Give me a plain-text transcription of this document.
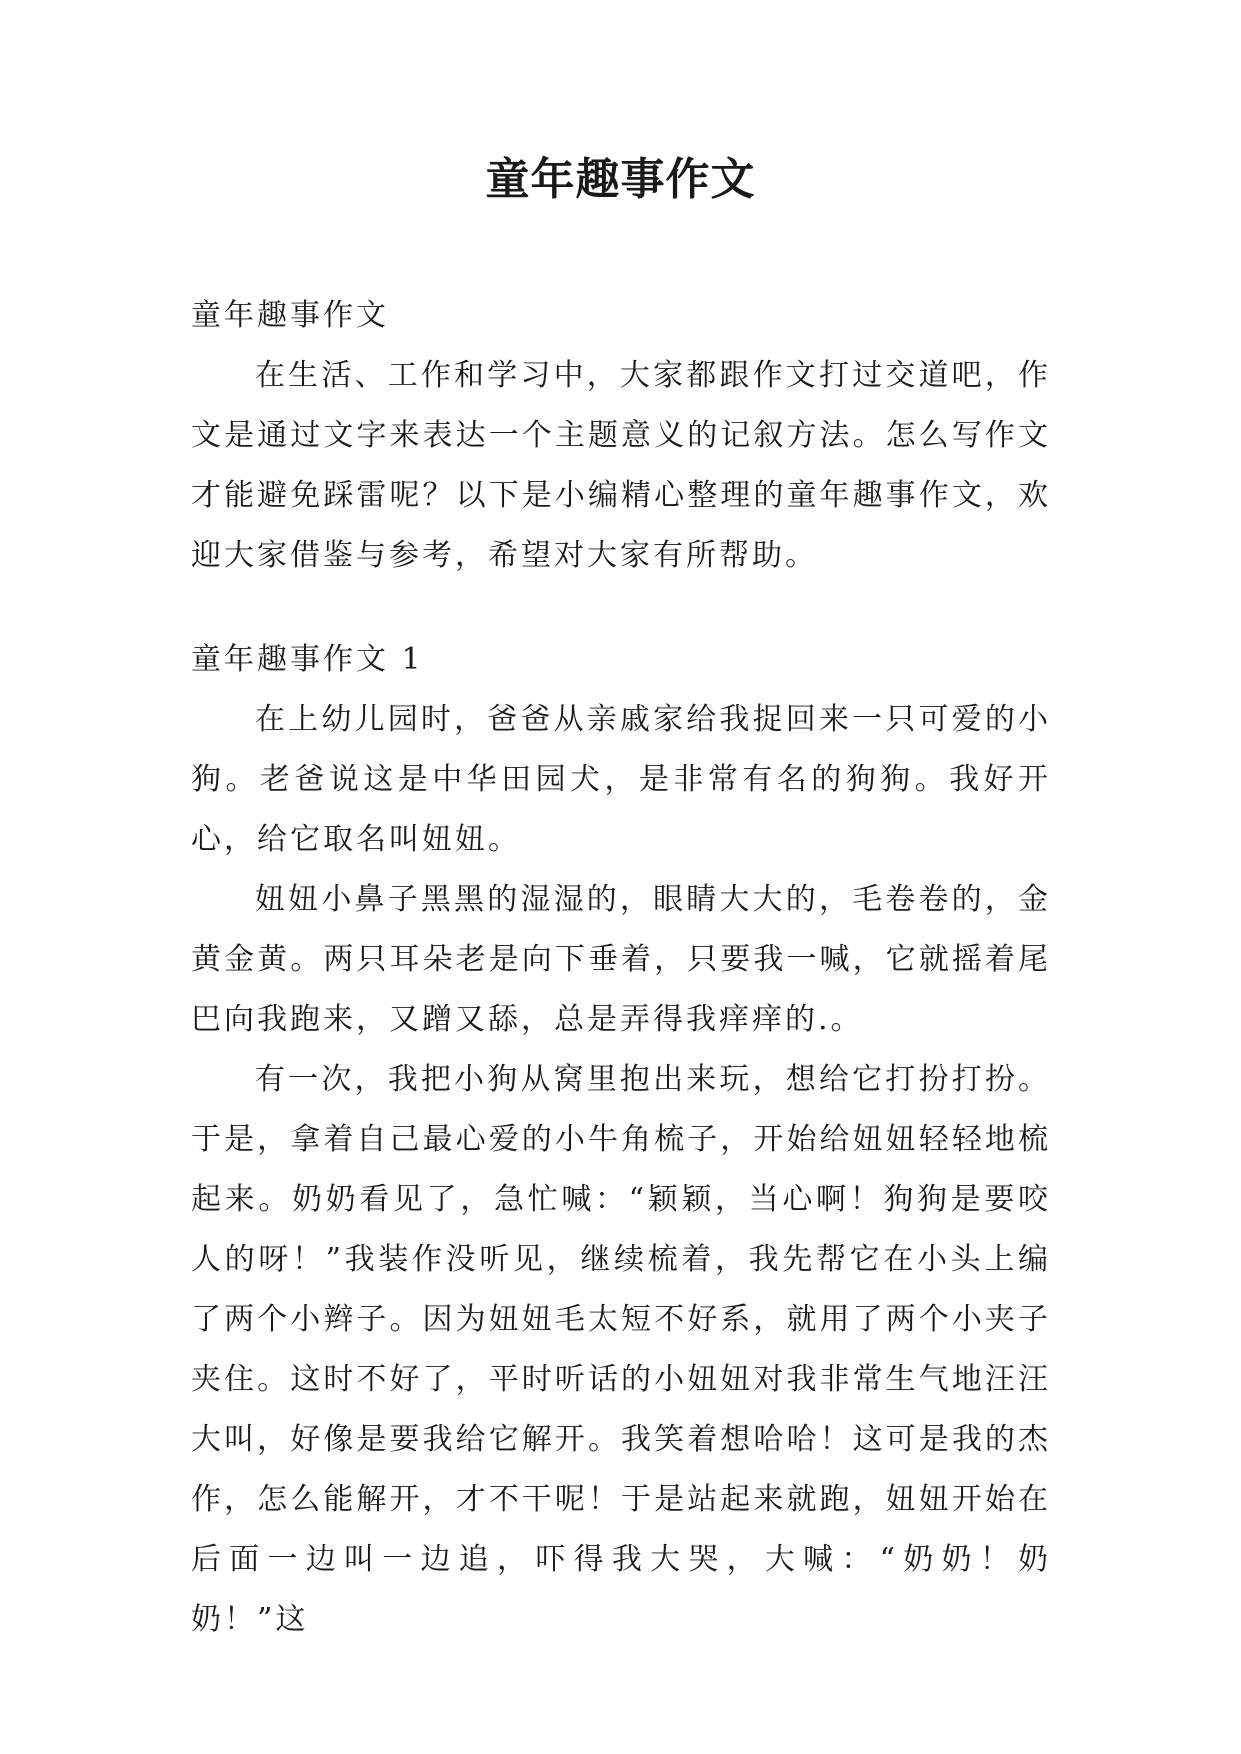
童年趣事作文

童年趣事作文

在生活、工作和学习中，大家都跟作文打过交道吧，作文是通过文字来表达一个主题意义的记叙方法。怎么写作文才能避免踩雷呢？以下是小编精心整理的童年趣事作文，欢迎大家借鉴与参考，希望对大家有所帮助。

童年趣事作文 1

在上幼儿园时，爸爸从亲戚家给我捉回来一只可爱的小狗。老爸说这是中华田园犬，是非常有名的狗狗。我好开心，给它取名叫妞妞。

妞妞小鼻子黑黑的湿湿的，眼睛大大的，毛卷卷的，金黄金黄。两只耳朵老是向下垂着，只要我一喊，它就摇着尾巴向我跑来，又蹭又舔，总是弄得我痒痒的.。

有一次，我把小狗从窝里抱出来玩，想给它打扮打扮。于是，拿着自己最心爱的小牛角梳子，开始给妞妞轻轻地梳起来。奶奶看见了，急忙喊：“颖颖，当心啊！狗狗是要咬人的呀！”我装作没听见，继续梳着，我先帮它在小头上编了两个小辫子。因为妞妞毛太短不好系，就用了两个小夹子夹住。这时不好了，平时听话的小妞妞对我非常生气地汪汪大叫，好像是要我给它解开。我笑着想哈哈！这可是我的杰作，怎么能解开，才不干呢！于是站起来就跑，妞妞开始在后面一边叫一边追，吓得我大哭，大喊：“奶奶！奶奶！”这
